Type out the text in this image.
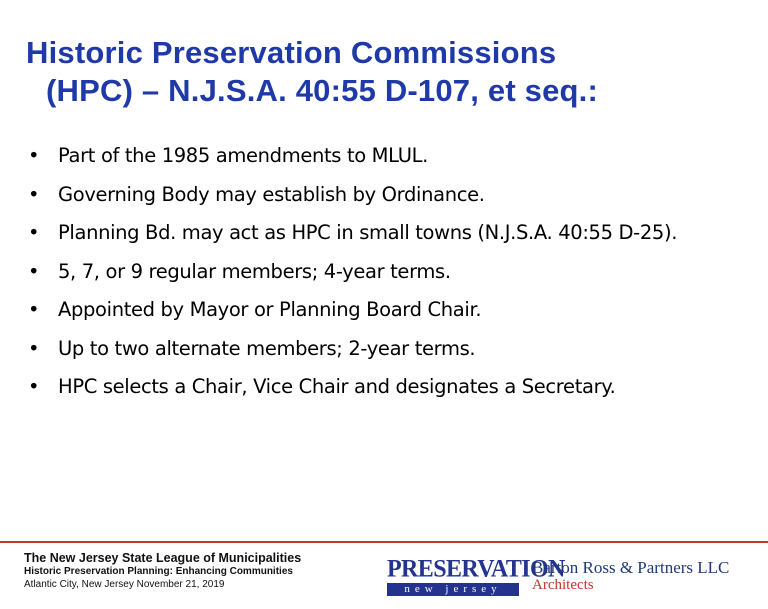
Historic Preservation Commissions
(HPC) – N.J.S.A. 40:55 D-107, et seq.:
• Part of the 1985 amendments to MLUL.
• Governing Body may establish by Ordinance.
• Planning Bd. may act as HPC in small towns (N.J.S.A. 40:55 D-25).
• 5, 7, or 9 regular members; 4-year terms.
• Appointed by Mayor or Planning Board Chair.
• Up to two alternate members; 2-year terms.
• HPC selects a Chair, Vice Chair and designates a Secretary.
The New Jersey State League of Municipalities
Historic Preservation Planning: Enhancing Communities
Atlantic City, New Jersey November 21, 2019
PRESERVATION
new jersey
Barton Ross & Partners LLC
Architects
